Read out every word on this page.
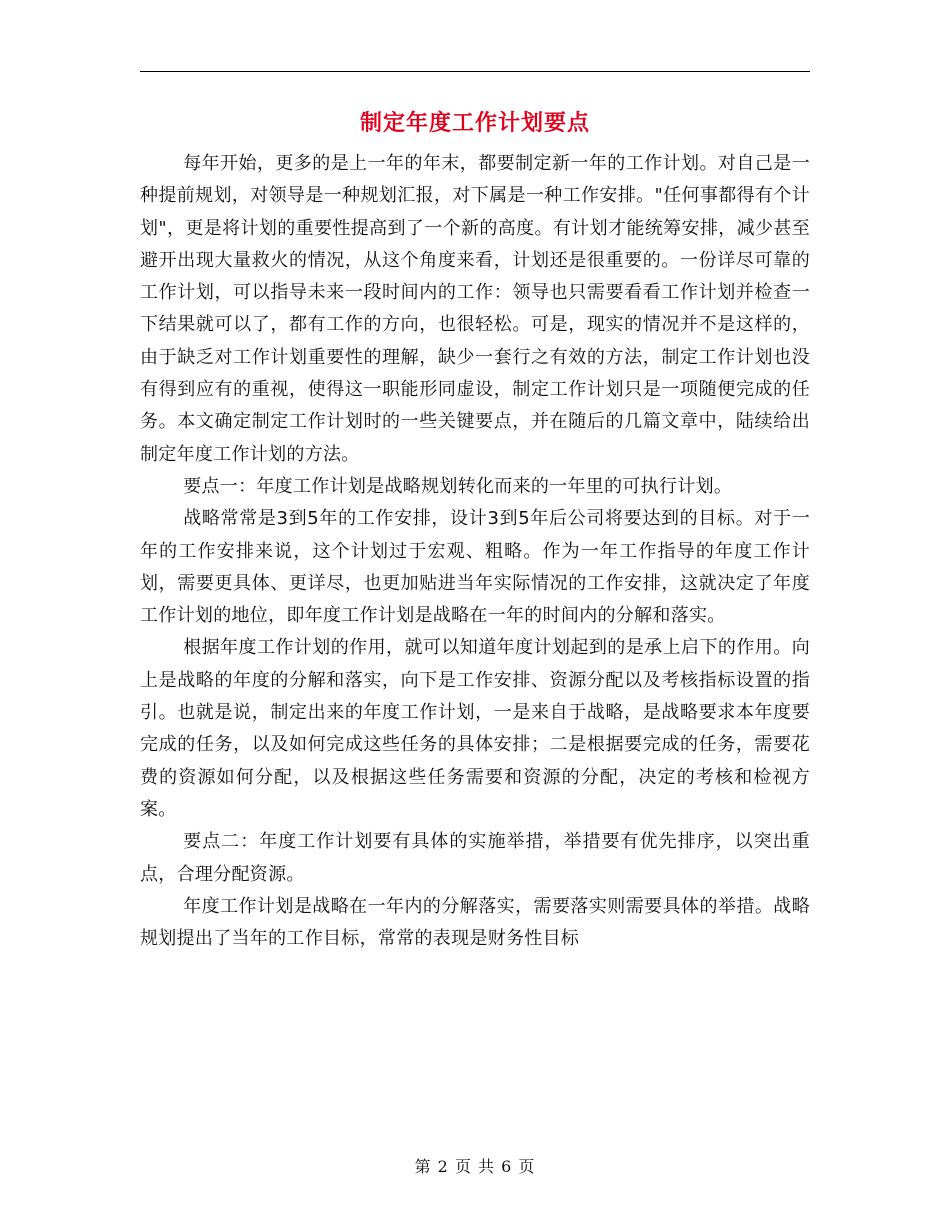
制定年度工作计划要点

每年开始，更多的是上一年的年末，都要制定新一年的工作计划。对自己是一种提前规划，对领导是一种规划汇报，对下属是一种工作安排。"任何事都得有个计划"，更是将计划的重要性提高到了一个新的高度。有计划才能统筹安排，减少甚至避开出现大量救火的情况，从这个角度来看，计划还是很重要的。一份详尽可靠的工作计划，可以指导未来一段时间内的工作：领导也只需要看看工作计划并检查一下结果就可以了，都有工作的方向，也很轻松。可是，现实的情况并不是这样的，由于缺乏对工作计划重要性的理解，缺少一套行之有效的方法，制定工作计划也没有得到应有的重视，使得这一职能形同虚设，制定工作计划只是一项随便完成的任务。本文确定制定工作计划时的一些关键要点，并在随后的几篇文章中，陆续给出制定年度工作计划的方法。

要点一：年度工作计划是战略规划转化而来的一年里的可执行计划。

战略常常是3到5年的工作安排，设计3到5年后公司将要达到的目标。对于一年的工作安排来说，这个计划过于宏观、粗略。作为一年工作指导的年度工作计划，需要更具体、更详尽，也更加贴进当年实际情况的工作安排，这就决定了年度工作计划的地位，即年度工作计划是战略在一年的时间内的分解和落实。

根据年度工作计划的作用，就可以知道年度计划起到的是承上启下的作用。向上是战略的年度的分解和落实，向下是工作安排、资源分配以及考核指标设置的指引。也就是说，制定出来的年度工作计划，一是来自于战略，是战略要求本年度要完成的任务，以及如何完成这些任务的具体安排；二是根据要完成的任务，需要花费的资源如何分配，以及根据这些任务需要和资源的分配，决定的考核和检视方案。

要点二：年度工作计划要有具体的实施举措，举措要有优先排序，以突出重点，合理分配资源。

年度工作计划是战略在一年内的分解落实，需要落实则需要具体的举措。战略规划提出了当年的工作目标，常常的表现是财务性目标

第 2 页 共 6 页
